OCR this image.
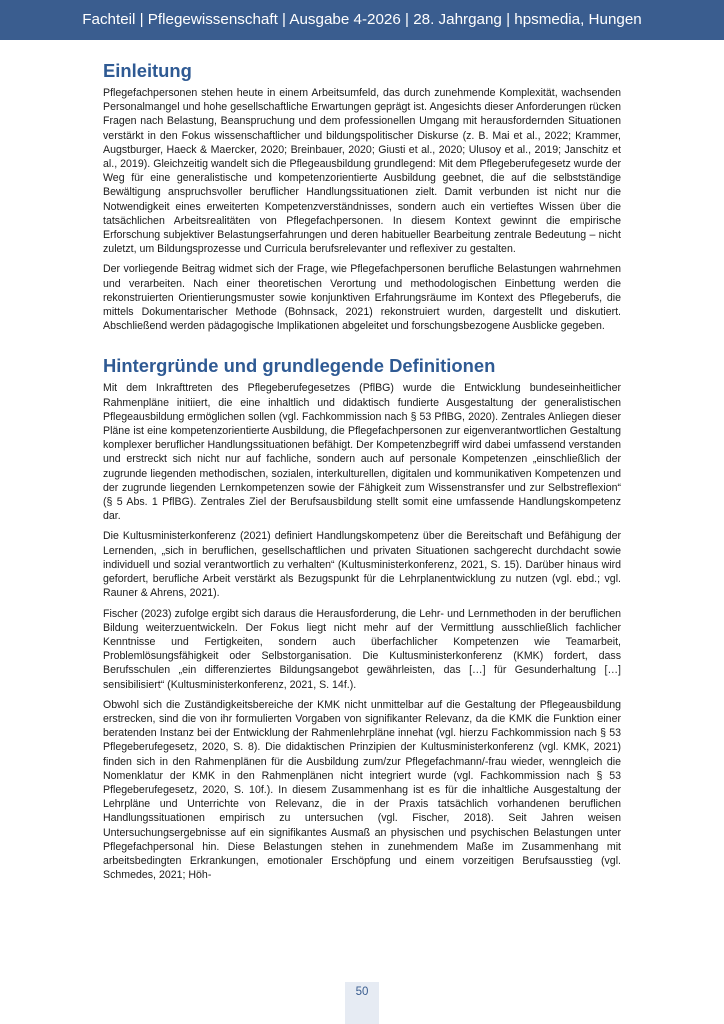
Fachteil | Pflegewissenschaft | Ausgabe 4-2026 | 28. Jahrgang | hpsmedia, Hungen
Einleitung

Pflegefachpersonen stehen heute in einem Arbeitsumfeld, das durch zunehmende Komplexität, wachsenden Personalmangel und hohe gesellschaftliche Erwartungen geprägt ist. Angesichts dieser Anforderungen rücken Fragen nach Belastung, Beanspruchung und dem professionellen Umgang mit herausfordernden Situationen verstärkt in den Fokus wissenschaftlicher und bildungspolitischer Diskurse (z. B. Mai et al., 2022; Krammer, Augstburger, Haeck & Maercker, 2020; Breinbauer, 2020; Giusti et al., 2020; Ulusoy et al., 2019; Janschitz et al., 2019). Gleichzeitig wandelt sich die Pflegeausbildung grundlegend: Mit dem Pflegeberufegesetz wurde der Weg für eine generalistische und kompetenzorientierte Ausbildung geebnet, die auf die selbstständige Bewältigung anspruchsvoller beruflicher Handlungssituationen zielt. Damit verbunden ist nicht nur die Notwendigkeit eines erweiterten Kompetenzverständnisses, sondern auch ein vertieftes Wissen über die tatsächlichen Arbeitsrealitäten von Pflegefachpersonen. In diesem Kontext gewinnt die empirische Erforschung subjektiver Belastungserfahrungen und deren habitueller Bearbeitung zentrale Bedeutung – nicht zuletzt, um Bildungsprozesse und Curricula berufsrelevanter und reflexiver zu gestalten.

Der vorliegende Beitrag widmet sich der Frage, wie Pflegefachpersonen berufliche Belastungen wahrnehmen und verarbeiten. Nach einer theoretischen Verortung und methodologischen Einbettung werden die rekonstruierten Orientierungsmuster sowie konjunktiven Erfahrungsräume im Kontext des Pflegeberufs, die mittels Dokumentarischer Methode (Bohnsack, 2021) rekonstruiert wurden, dargestellt und diskutiert. Abschließend werden pädagogische Implikationen abgeleitet und forschungsbezogene Ausblicke gegeben.

Hintergründe und grundlegende Definitionen

Mit dem Inkrafttreten des Pflegeberufegesetzes (PflBG) wurde die Entwicklung bundeseinheitlicher Rahmenpläne initiiert, die eine inhaltlich und didaktisch fundierte Ausgestaltung der generalistischen Pflegeausbildung ermöglichen sollen (vgl. Fachkommission nach § 53 PflBG, 2020). Zentrales Anliegen dieser Pläne ist eine kompetenzorientierte Ausbildung, die Pflegefachpersonen zur eigenverantwortlichen Gestaltung komplexer beruflicher Handlungssituationen befähigt. Der Kompetenzbegriff wird dabei umfassend verstanden und erstreckt sich nicht nur auf fachliche, sondern auch auf personale Kompetenzen „einschließlich der zugrunde liegenden methodischen, sozialen, interkulturellen, digitalen und kommunikativen Kompetenzen und der zugrunde liegenden Lernkompetenzen sowie der Fähigkeit zum Wissenstransfer und zur Selbstreflexion“ (§ 5 Abs. 1 PflBG). Zentrales Ziel der Berufsausbildung stellt somit eine umfassende Handlungskompetenz dar.

Die Kultusministerkonferenz (2021) definiert Handlungskompetenz über die Bereitschaft und Befähigung der Lernenden, „sich in beruflichen, gesellschaftlichen und privaten Situationen sachgerecht durchdacht sowie individuell und sozial verantwortlich zu verhalten“ (Kultusministerkonferenz, 2021, S. 15). Darüber hinaus wird gefordert, berufliche Arbeit verstärkt als Bezugspunkt für die Lehrplanentwicklung zu nutzen (vgl. ebd.; vgl. Rauner & Ahrens, 2021).

Fischer (2023) zufolge ergibt sich daraus die Herausforderung, die Lehr- und Lernmethoden in der beruflichen Bildung weiterzuentwickeln. Der Fokus liegt nicht mehr auf der Vermittlung ausschließlich fachlicher Kenntnisse und Fertigkeiten, sondern auch überfachlicher Kompetenzen wie Teamarbeit, Problemlösungsfähigkeit oder Selbstorganisation. Die Kultusministerkonferenz (KMK) fordert, dass Berufsschulen „ein differenziertes Bildungsangebot gewährleisten, das […] für Gesunderhaltung […] sensibilisiert“ (Kultusministerkonferenz, 2021, S. 14f.).

Obwohl sich die Zuständigkeitsbereiche der KMK nicht unmittelbar auf die Gestaltung der Pflegeausbildung erstrecken, sind die von ihr formulierten Vorgaben von signifikanter Relevanz, da die KMK die Funktion einer beratenden Instanz bei der Entwicklung der Rahmenlehrpläne innehat (vgl. hierzu Fachkommission nach § 53 Pflegeberufegesetz, 2020, S. 8). Die didaktischen Prinzipien der Kultusministerkonferenz (vgl. KMK, 2021) finden sich in den Rahmenplänen für die Ausbildung zum/zur Pflegefachmann/-frau wieder, wenngleich die Nomenklatur der KMK in den Rahmenplänen nicht integriert wurde (vgl. Fachkommission nach § 53 Pflegeberufegesetz, 2020, S. 10f.). In diesem Zusammenhang ist es für die inhaltliche Ausgestaltung der Lehrpläne und Unterrichte von Relevanz, die in der Praxis tatsächlich vorhandenen beruflichen Handlungssituationen empirisch zu untersuchen (vgl. Fischer, 2018). Seit Jahren weisen Untersuchungsergebnisse auf ein signifikantes Ausmaß an physischen und psychischen Belastungen unter Pflegefachpersonal hin. Diese Belastungen stehen in zunehmendem Maße im Zusammenhang mit arbeitsbedingten Erkrankungen, emotionaler Erschöpfung und einem vorzeitigen Berufsausstieg (vgl. Schmedes, 2021; Höh-

50
